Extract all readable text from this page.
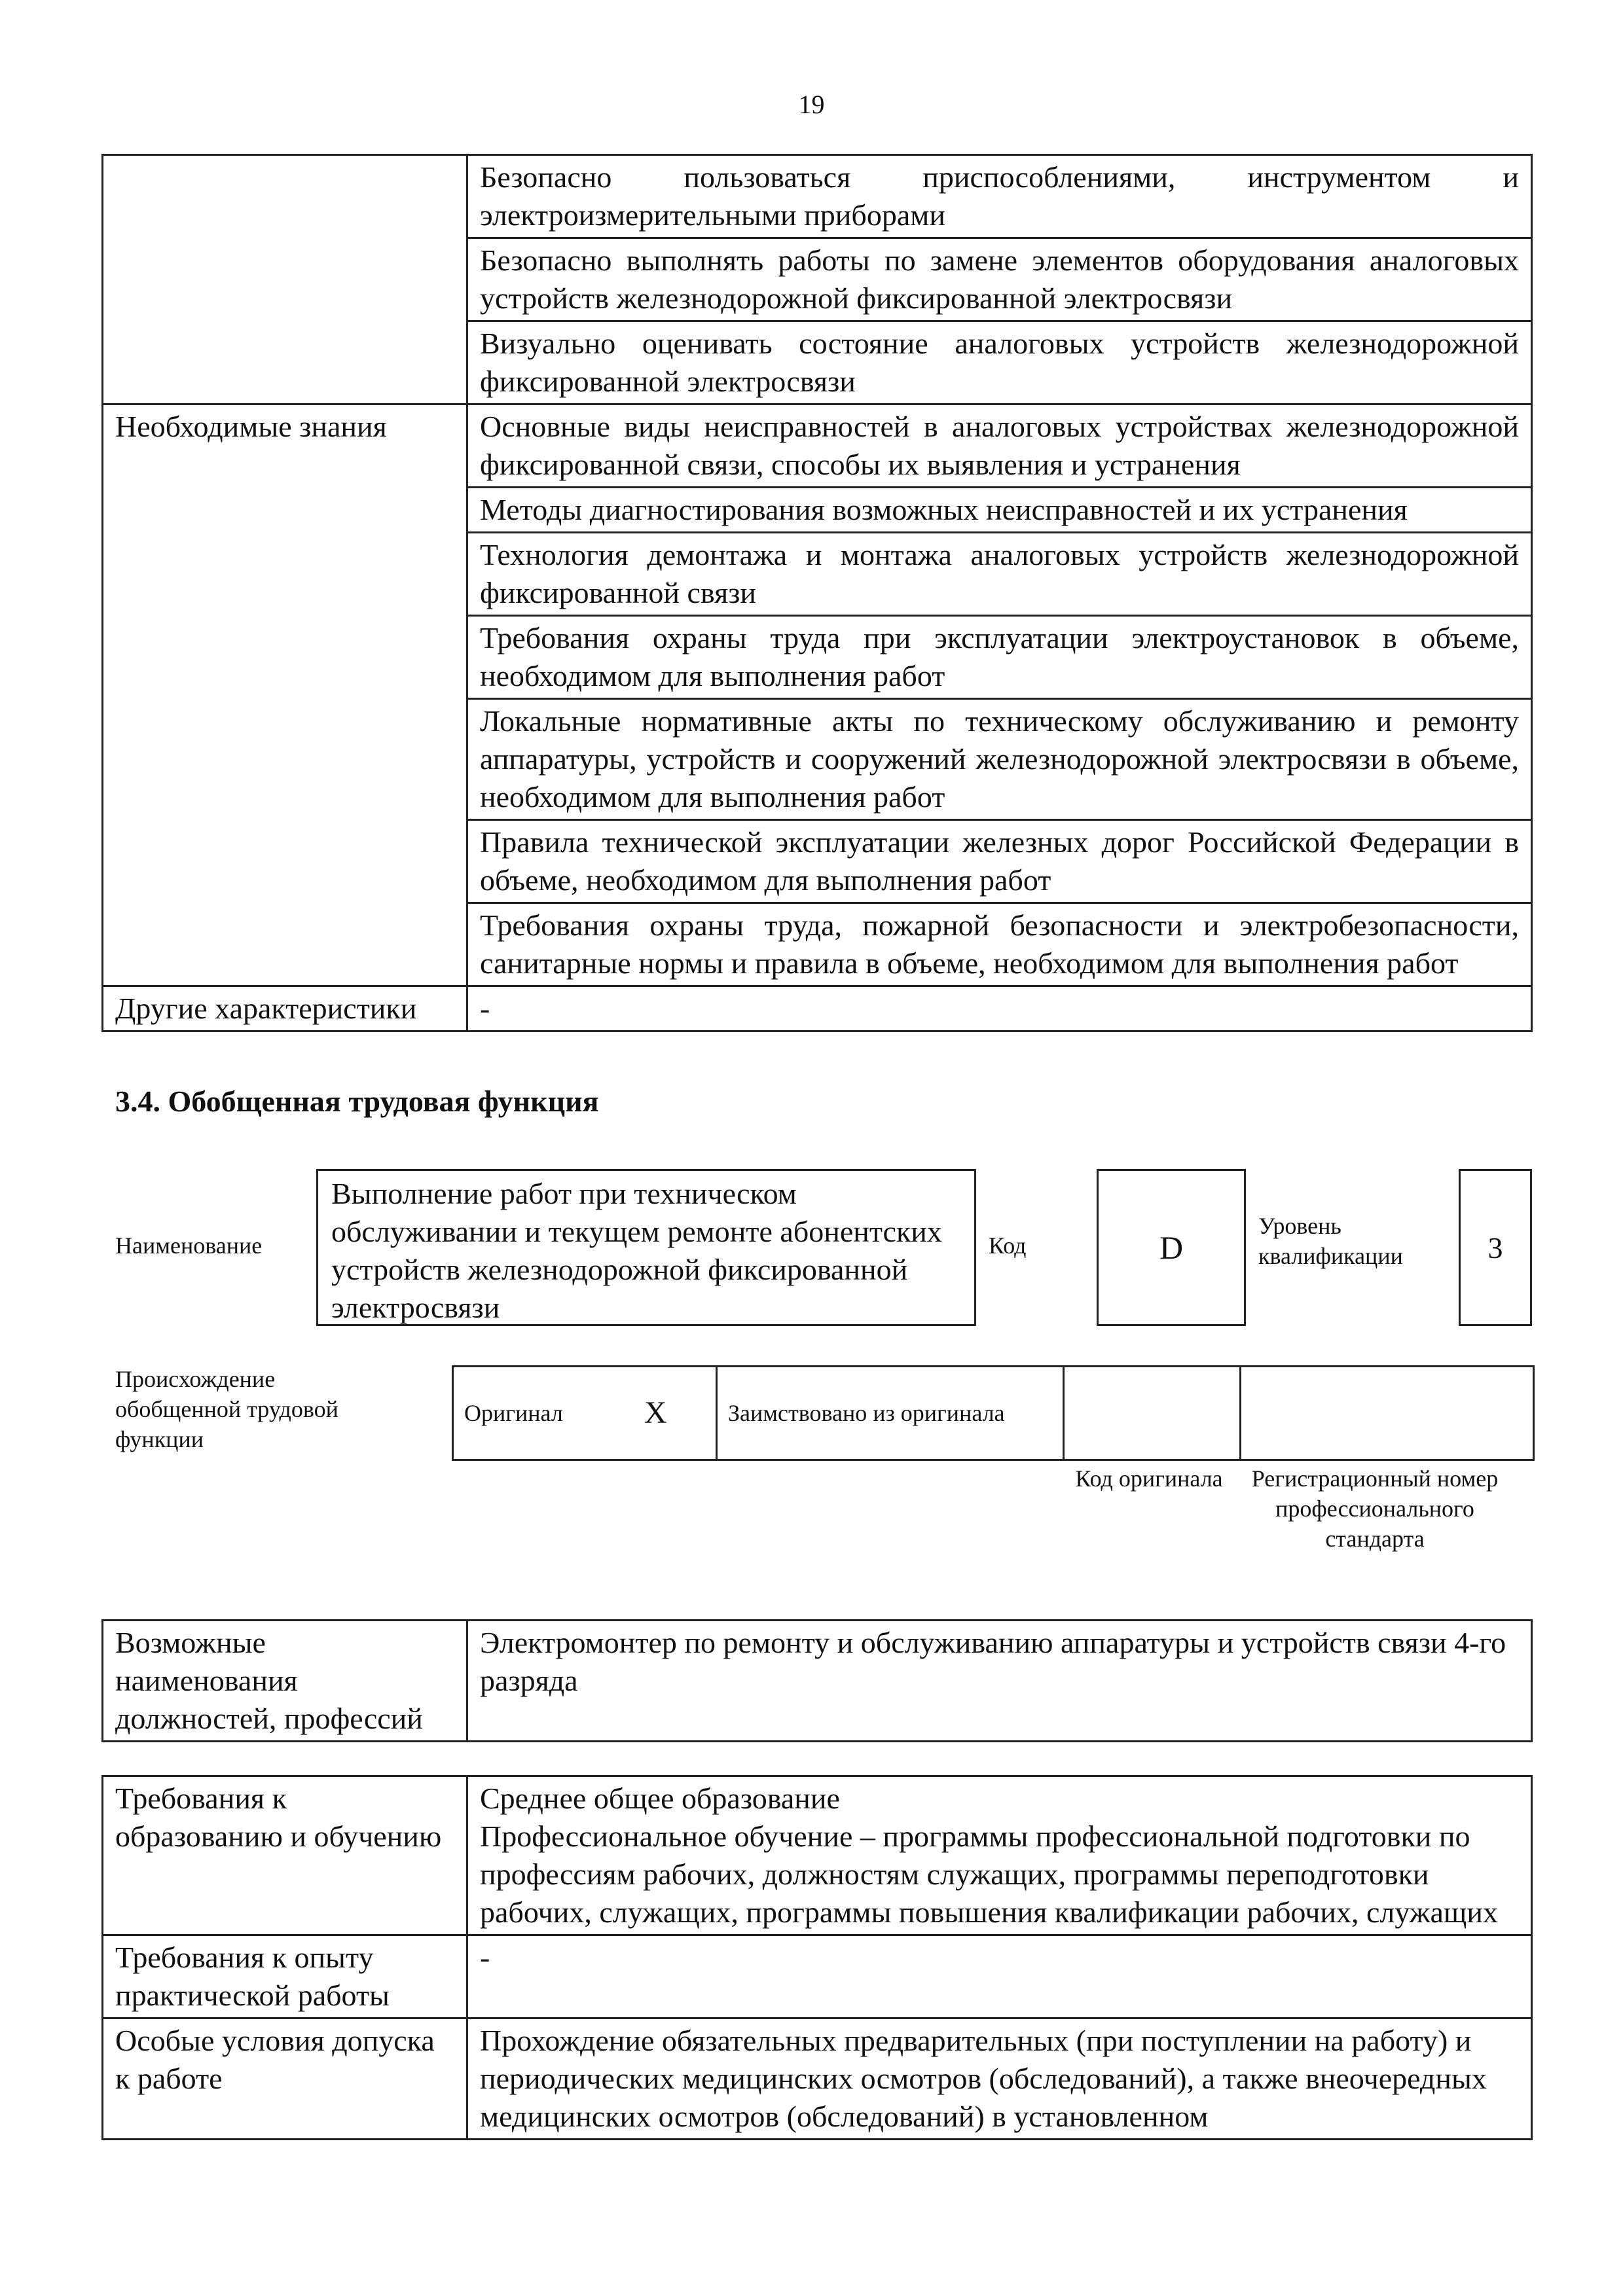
19
	Безопасно пользоваться приспособлениями, инструментом и электроизмерительными приборами
	Безопасно выполнять работы по замене элементов оборудования аналоговых устройств железнодорожной фиксированной электросвязи
	Визуально оценивать состояние аналоговых устройств железнодорожной фиксированной электросвязи
Необходимые знания	Основные виды неисправностей в аналоговых устройствах железнодорожной фиксированной связи, способы их выявления и устранения
	Методы диагностирования возможных неисправностей и их устранения
	Технология демонтажа и монтажа аналоговых устройств железнодорожной фиксированной связи
	Требования охраны труда при эксплуатации электроустановок в объеме, необходимом для выполнения работ
	Локальные нормативные акты по техническому обслуживанию и ремонту аппаратуры, устройств и сооружений железнодорожной электросвязи в объеме, необходимом для выполнения работ
	Правила технической эксплуатации железных дорог Российской Федерации в объеме, необходимом для выполнения работ
	Требования охраны труда, пожарной безопасности и электробезопасности, санитарные нормы и правила в объеме, необходимом для выполнения работ
Другие характеристики	-
3.4. Обобщенная трудовая функция
Наименование
Выполнение работ при техническом обслуживании и текущем ремонте абонентских устройств железнодорожной фиксированной электросвязи
Код	D
Уровень квалификации	3
Происхождение обобщенной трудовой функции
Оригинал	X	Заимствовано из оригинала		
Код оригинала	Регистрационный номер профессионального стандарта
Возможные наименования должностей, профессий	Электромонтер по ремонту и обслуживанию аппаратуры и устройств связи 4-го разряда
Требования к образованию и обучению	Среднее общее образование
Профессиональное обучение – программы профессиональной подготовки по профессиям рабочих, должностям служащих, программы переподготовки рабочих, служащих, программы повышения квалификации рабочих, служащих

Требования к опыту практической работы	-
Особые условия допуска к работе	Прохождение обязательных предварительных (при поступлении на работу) и периодических медицинских осмотров (обследований), а также внеочередных медицинских осмотров (обследований) в установленном
